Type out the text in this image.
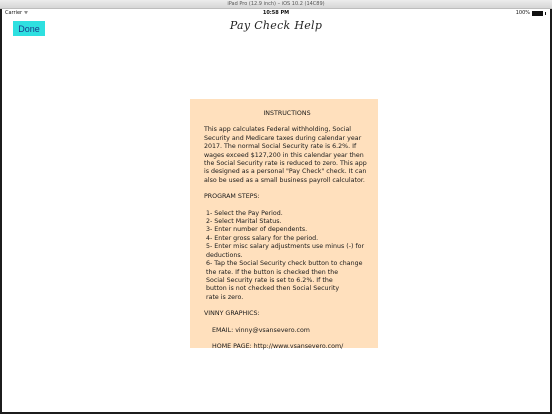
iPad Pro (12.9 inch) – iOS 10.2 (14C89)
Carrier ᯤ	10:58 PM	100%
Done	Pay Check Help
INSTRUCTIONS

This app calculates Federal withholding, Social Security and Medicare taxes during calendar year 2017. The normal Social Security rate is 6.2%. If wages exceed $127,200 in this calendar year then the Social Security rate is reduced to zero. This app is designed as a personal "Pay Check" check. It can also be used as a small business payroll calculator.

PROGRAM STEPS:

1- Select the Pay Period.
2- Select Marital Status.
3- Enter number of dependents.
4- Enter gross salary for the period.
5- Enter misc salary adjustments use minus (-) for
deductions.
6- Tap the Social Security check button to change
the rate. If the button is checked then the
Social Security rate is set to 6.2%. If the
button is not checked then Social Security
rate is zero.

VINNY GRAPHICS:

EMAIL: vinny@vsansevero.com

HOME PAGE: http://www.vsansevero.com/
